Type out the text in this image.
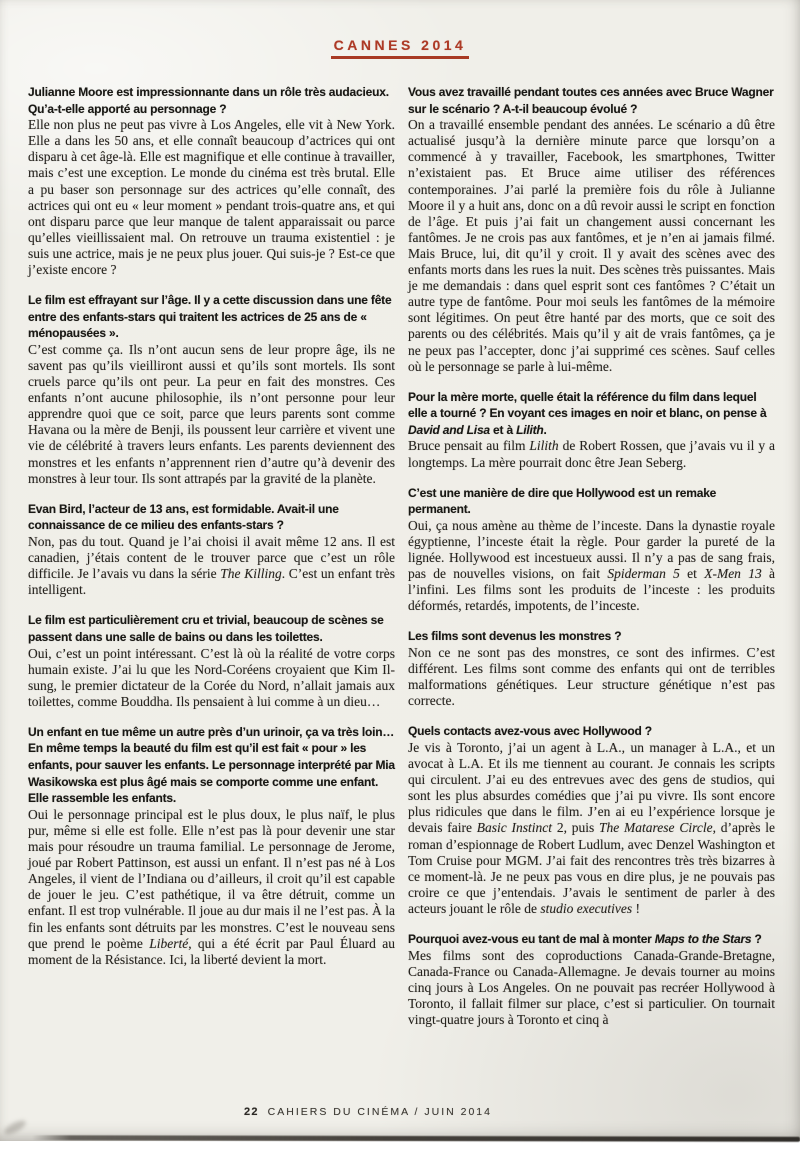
CANNES 2014
Julianne Moore est impressionnante dans un rôle très audacieux. Qu’a-t-elle apporté au personnage ?
Elle non plus ne peut pas vivre à Los Angeles, elle vit à New York. Elle a dans les 50 ans, et elle connaît beaucoup d’actrices qui ont disparu à cet âge-là. Elle est magnifique et elle continue à travailler, mais c’est une exception. Le monde du cinéma est très brutal. Elle a pu baser son personnage sur des actrices qu’elle connaît, des actrices qui ont eu « leur moment » pendant trois-quatre ans, et qui ont disparu parce que leur manque de talent apparaissait ou parce qu’elles vieillissaient mal. On retrouve un trauma existentiel : je suis une actrice, mais je ne peux plus jouer. Qui suis-je ? Est-ce que j’existe encore ?
Le film est effrayant sur l’âge. Il y a cette discussion dans une fête entre des enfants-stars qui traitent les actrices de 25 ans de « ménopausées ».
C’est comme ça. Ils n’ont aucun sens de leur propre âge, ils ne savent pas qu’ils vieilliront aussi et qu’ils sont mortels. Ils sont cruels parce qu’ils ont peur. La peur en fait des monstres. Ces enfants n’ont aucune philosophie, ils n’ont personne pour leur apprendre quoi que ce soit, parce que leurs parents sont comme Havana ou la mère de Benji, ils poussent leur carrière et vivent une vie de célébrité à travers leurs enfants. Les parents deviennent des monstres et les enfants n’apprennent rien d’autre qu’à devenir des monstres à leur tour. Ils sont attrapés par la gravité de la planète.
Evan Bird, l’acteur de 13 ans, est formidable. Avait-il une connaissance de ce milieu des enfants-stars ?
Non, pas du tout. Quand je l’ai choisi il avait même 12 ans. Il est canadien, j’étais content de le trouver parce que c’est un rôle difficile. Je l’avais vu dans la série The Killing. C’est un enfant très intelligent.
Le film est particulièrement cru et trivial, beaucoup de scènes se passent dans une salle de bains ou dans les toilettes.
Oui, c’est un point intéressant. C’est là où la réalité de votre corps humain existe. J’ai lu que les Nord-Coréens croyaient que Kim Il-sung, le premier dictateur de la Corée du Nord, n’allait jamais aux toilettes, comme Bouddha. Ils pensaient à lui comme à un dieu…
Un enfant en tue même un autre près d’un urinoir, ça va très loin… En même temps la beauté du film est qu’il est fait « pour » les enfants, pour sauver les enfants. Le personnage interprété par Mia Wasikowska est plus âgé mais se comporte comme une enfant. Elle rassemble les enfants.
Oui le personnage principal est le plus doux, le plus naïf, le plus pur, même si elle est folle. Elle n’est pas là pour devenir une star mais pour résoudre un trauma familial. Le personnage de Jerome, joué par Robert Pattinson, est aussi un enfant. Il n’est pas né à Los Angeles, il vient de l’Indiana ou d’ailleurs, il croit qu’il est capable de jouer le jeu. C’est pathétique, il va être détruit, comme un enfant. Il est trop vulnérable. Il joue au dur mais il ne l’est pas. À la fin les enfants sont détruits par les monstres. C’est le nouveau sens que prend le poème Liberté, qui a été écrit par Paul Éluard au moment de la Résistance. Ici, la liberté devient la mort.
Vous avez travaillé pendant toutes ces années avec Bruce Wagner sur le scénario ? A-t-il beaucoup évolué ?
On a travaillé ensemble pendant des années. Le scénario a dû être actualisé jusqu’à la dernière minute parce que lorsqu’on a commencé à y travailler, Facebook, les smartphones, Twitter n’existaient pas. Et Bruce aime utiliser des références contemporaines. J’ai parlé la première fois du rôle à Julianne Moore il y a huit ans, donc on a dû revoir aussi le script en fonction de l’âge. Et puis j’ai fait un changement aussi concernant les fantômes. Je ne crois pas aux fantômes, et je n’en ai jamais filmé. Mais Bruce, lui, dit qu’il y croit. Il y avait des scènes avec des enfants morts dans les rues la nuit. Des scènes très puissantes. Mais je me demandais : dans quel esprit sont ces fantômes ? C’était un autre type de fantôme. Pour moi seuls les fantômes de la mémoire sont légitimes. On peut être hanté par des morts, que ce soit des parents ou des célébrités. Mais qu’il y ait de vrais fantômes, ça je ne peux pas l’accepter, donc j’ai supprimé ces scènes. Sauf celles où le personnage se parle à lui-même.
Pour la mère morte, quelle était la référence du film dans lequel elle a tourné ? En voyant ces images en noir et blanc, on pense à David and Lisa et à Lilith.
Bruce pensait au film Lilith de Robert Rossen, que j’avais vu il y a longtemps. La mère pourrait donc être Jean Seberg.
C’est une manière de dire que Hollywood est un remake permanent.
Oui, ça nous amène au thème de l’inceste. Dans la dynastie royale égyptienne, l’inceste était la règle. Pour garder la pureté de la lignée. Hollywood est incestueux aussi. Il n’y a pas de sang frais, pas de nouvelles visions, on fait Spiderman 5 et X-Men 13 à l’infini. Les films sont les produits de l’inceste : les produits déformés, retardés, impotents, de l’inceste.
Les films sont devenus les monstres ?
Non ce ne sont pas des monstres, ce sont des infirmes. C’est différent. Les films sont comme des enfants qui ont de terribles malformations génétiques. Leur structure génétique n’est pas correcte.
Quels contacts avez-vous avec Hollywood ?
Je vis à Toronto, j’ai un agent à L.A., un manager à L.A., et un avocat à L.A. Et ils me tiennent au courant. Je connais les scripts qui circulent. J’ai eu des entrevues avec des gens de studios, qui sont les plus absurdes comédies que j’ai pu vivre. Ils sont encore plus ridicules que dans le film. J’en ai eu l’expérience lorsque je devais faire Basic Instinct 2, puis The Matarese Circle, d’après le roman d’espionnage de Robert Ludlum, avec Denzel Washington et Tom Cruise pour MGM. J’ai fait des rencontres très très bizarres à ce moment-là. Je ne peux pas vous en dire plus, je ne pouvais pas croire ce que j’entendais. J’avais le sentiment de parler à des acteurs jouant le rôle de studio executives !
Pourquoi avez-vous eu tant de mal à monter Maps to the Stars ?
Mes films sont des coproductions Canada-Grande-Bretagne, Canada-France ou Canada-Allemagne. Je devais tourner au moins cinq jours à Los Angeles. On ne pouvait pas recréer Hollywood à Toronto, il fallait filmer sur place, c’est si particulier. On tournait vingt-quatre jours à Toronto et cinq à
22 CAHIERS DU CINÉMA / JUIN 2014
